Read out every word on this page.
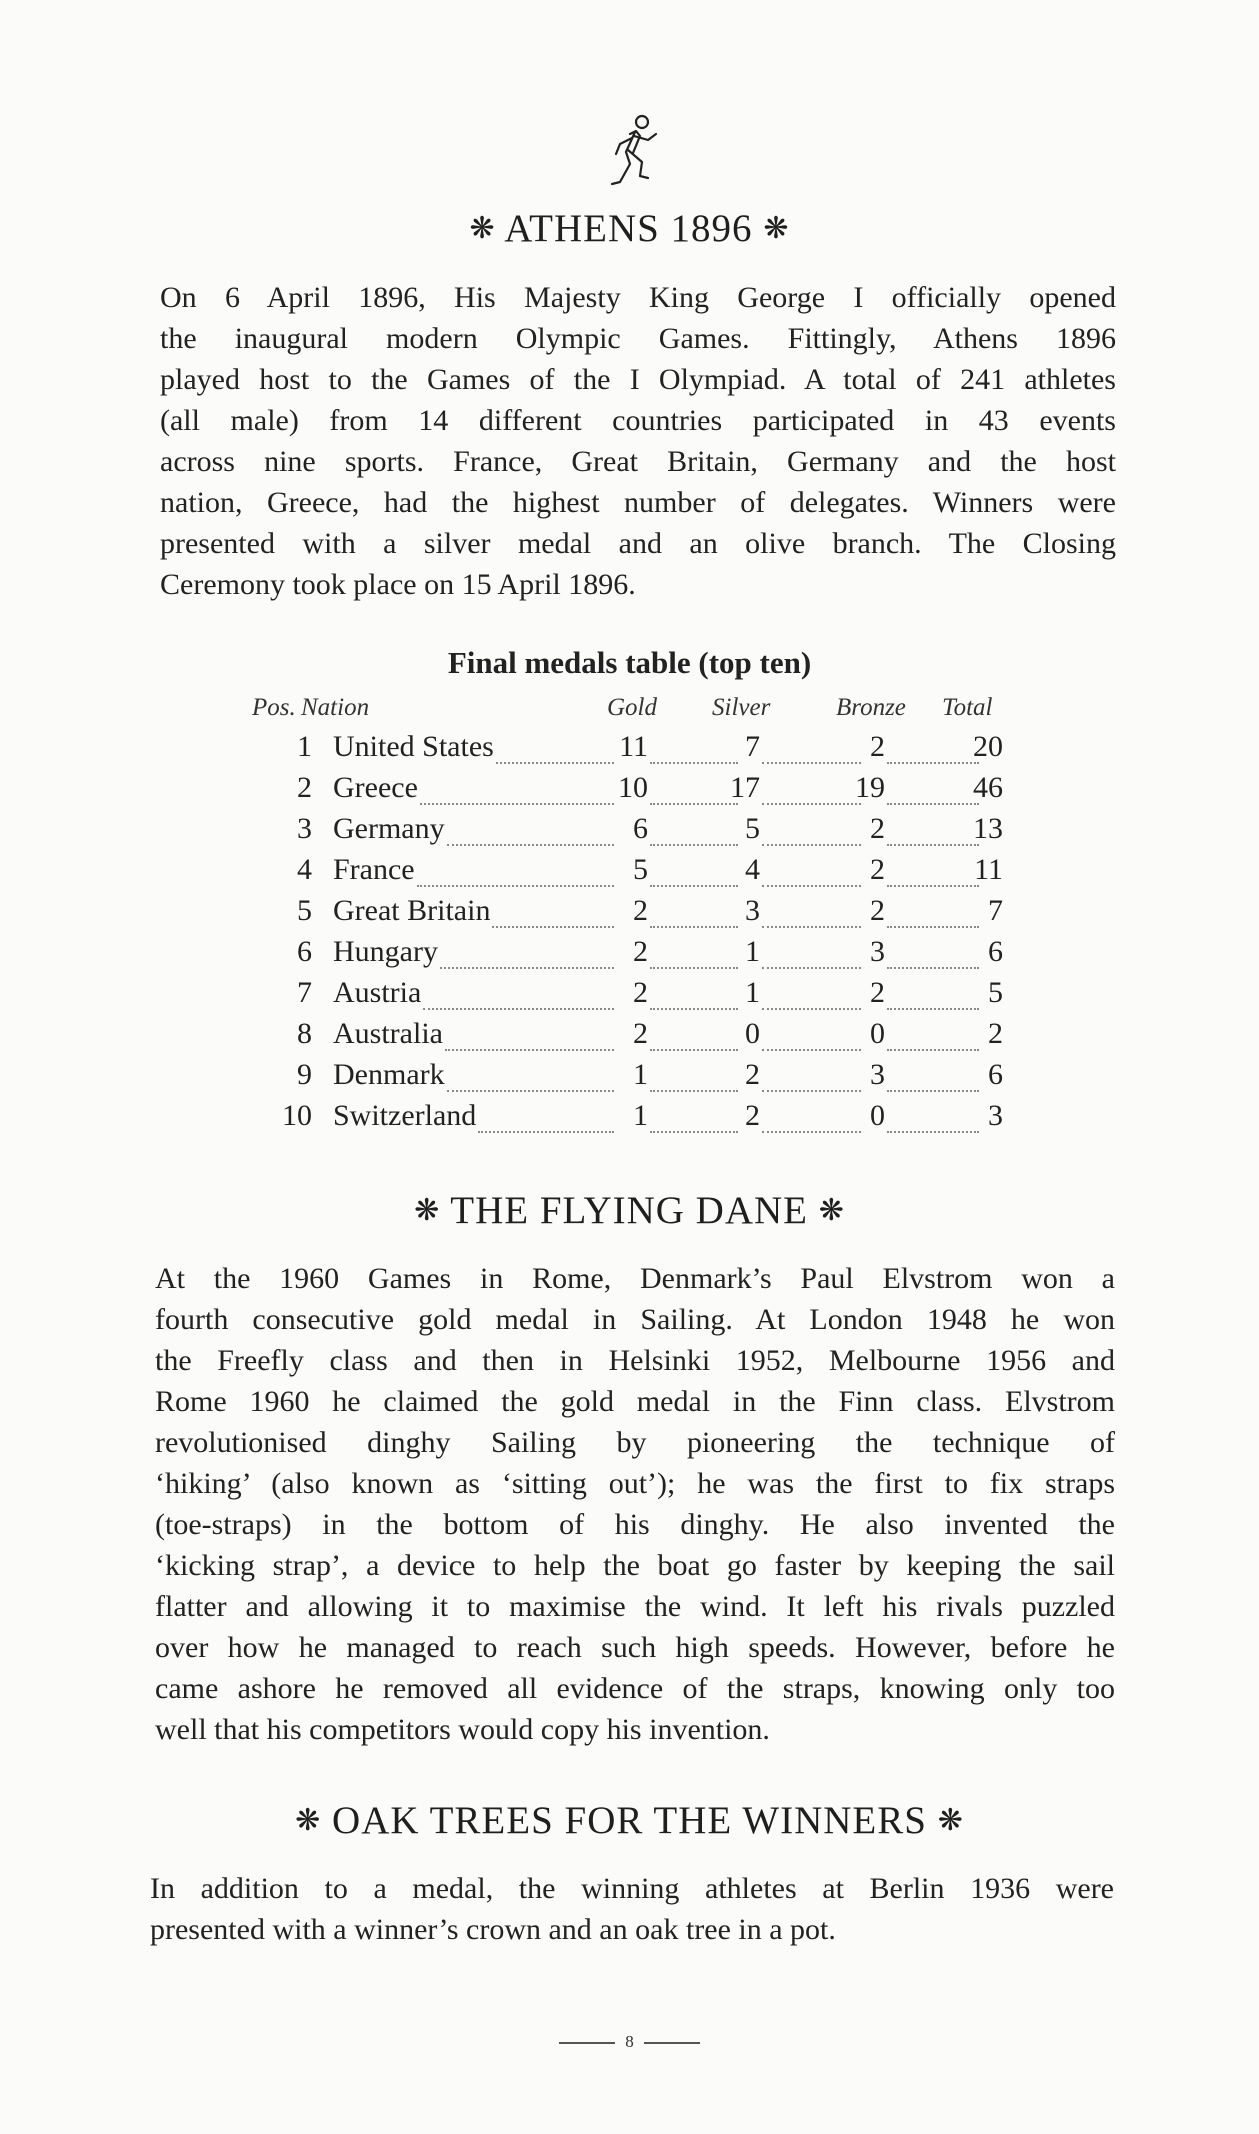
❋ ATHENS 1896 ❋
On 6 April 1896, His Majesty King George I officially opened
the inaugural modern Olympic Games. Fittingly, Athens 1896
played host to the Games of the I Olympiad. A total of 241 athletes
(all male) from 14 different countries participated in 43 events
across nine sports. France, Great Britain, Germany and the host
nation, Greece, had the highest number of delegates. Winners were
presented with a silver medal and an olive branch. The Closing
Ceremony took place on 15 April 1896.
Final medals table (top ten)
Pos. Nation	Gold Silver	Bronze Total
1 United States	11	7	2	20
2 Greece	10	17	19	46
3 Germany	6	5	2	13
4 France	5	4	2	11
5 Great Britain	2	3	2	7
6 Hungary	2	1	3	6
7 Austria	2	1	2	5
8 Australia	2	0	0	2
9 Denmark	1	2	3	6
10 Switzerland	1	2	0	3
❋ THE FLYING DANE ❋
At the 1960 Games in Rome, Denmark’s Paul Elvstrom won a
fourth consecutive gold medal in Sailing. At London 1948 he won
the Freefly class and then in Helsinki 1952, Melbourne 1956 and
Rome 1960 he claimed the gold medal in the Finn class. Elvstrom
revolutionised dinghy Sailing by pioneering the technique of
‘hiking’ (also known as ‘sitting out’); he was the first to fix straps
(toe-straps) in the bottom of his dinghy. He also invented the
‘kicking strap’, a device to help the boat go faster by keeping the sail
flatter and allowing it to maximise the wind. It left his rivals puzzled
over how he managed to reach such high speeds. However, before he
came ashore he removed all evidence of the straps, knowing only too
well that his competitors would copy his invention.
❋ OAK TREES FOR THE WINNERS ❋
In addition to a medal, the winning athletes at Berlin 1936 were
presented with a winner’s crown and an oak tree in a pot.
8
